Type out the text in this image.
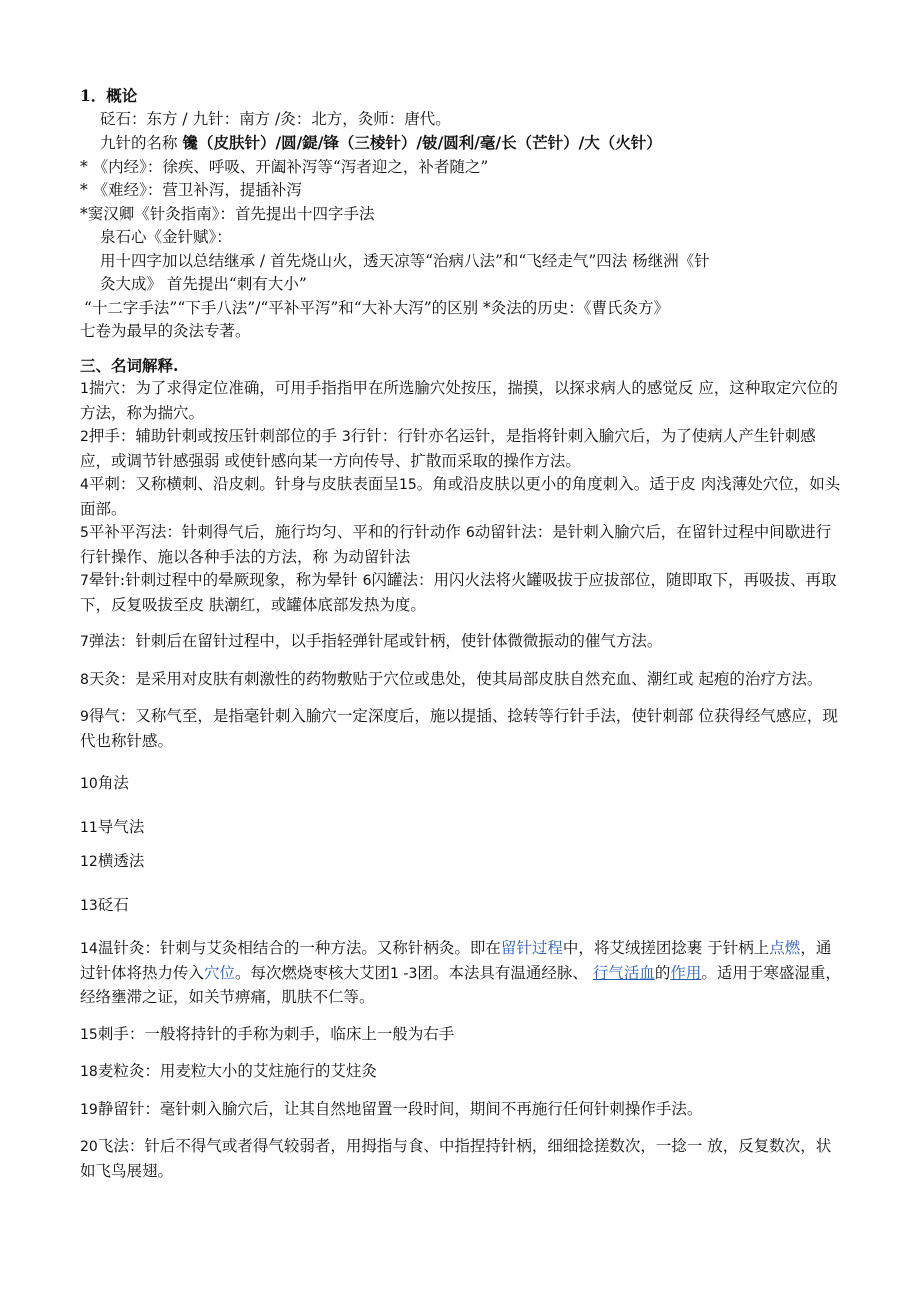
1．概论
砭石：东方 / 九针：南方 /灸：北方，灸师：唐代。
九针的名称 镵（皮肤针）/圆/鍉/锋（三棱针）/铍/圆利/毫/长（芒针）/大（火针）
* 《内经》：徐疾、呼吸、开阖补泻等“泻者迎之，补者随之”
* 《难经》：营卫补泻，提插补泻
*窦汉卿《针灸指南》：首先提出十四字手法
泉石心《金针赋》：
用十四字加以总结继承 / 首先烧山火，透天凉等“治病八法”和“飞经走气”四法 杨继洲《针
灸大成》 首先提出“刺有大小”
“十二字手法”“下手八法”/“平补平泻”和“大补大泻”的区别 *灸法的历史：《曹氏灸方》
七卷为最早的灸法专著。
三、名词解释.
1揣穴：为了求得定位准确，可用手指指甲在所选腧穴处按压，揣摸，以探求病人的感觉反 应，这种取定穴位的方法，称为揣穴。
2押手：辅助针刺或按压针刺部位的手 3行针：行针亦名运针，是指将针刺入腧穴后，为了使病人产生针刺感应，或调节针感强弱 或使针感向某一方向传导、扩散而采取的操作方法。
4平刺：又称横刺、沿皮刺。针身与皮肤表面呈15。角或沿皮肤以更小的角度刺入。适于皮 肉浅薄处穴位，如头面部。
5平补平泻法：针刺得气后，施行均匀、平和的行针动作 6动留针法：是针刺入腧穴后，在留针过程中间歇进行行针操作、施以各种手法的方法，称 为动留针法
7晕针:针刺过程中的晕厥现象，称为晕针 6闪罐法：用闪火法将火罐吸拔于应拔部位，随即取下，再吸拔、再取下，反复吸拔至皮 肤潮红，或罐体底部发热为度。
7弹法：针刺后在留针过程中，以手指轻弹针尾或针柄，使针体微微振动的催气方法。
8天灸：是采用对皮肤有刺激性的药物敷贴于穴位或患处，使其局部皮肤自然充血、潮红或 起疱的治疗方法。
9得气：又称气至，是指毫针刺入腧穴一定深度后，施以提插、捻转等行针手法，使针刺部 位获得经气感应，现代也称针感。
10角法
11导气法
12横透法
13砭石
14温针灸：针刺与艾灸相结合的一种方法。又称针柄灸。即在留针过程中，将艾绒搓团捻裹 于针柄上点燃，通过针体将热力传入穴位。每次燃烧枣核大艾团1 -3团。本法具有温通经脉、 行气活血的作用。适用于寒盛湿重，经络壅滞之证，如关节痹痛，肌肤不仁等。
15刺手：一般将持针的手称为刺手，临床上一般为右手
18麦粒灸：用麦粒大小的艾炷施行的艾炷灸
19静留针：毫针刺入腧穴后，让其自然地留置一段时间，期间不再施行任何针刺操作手法。
20飞法：针后不得气或者得气较弱者，用拇指与食、中指捏持针柄，细细捻搓数次，一捻一 放，反复数次，状如飞鸟展翅。
